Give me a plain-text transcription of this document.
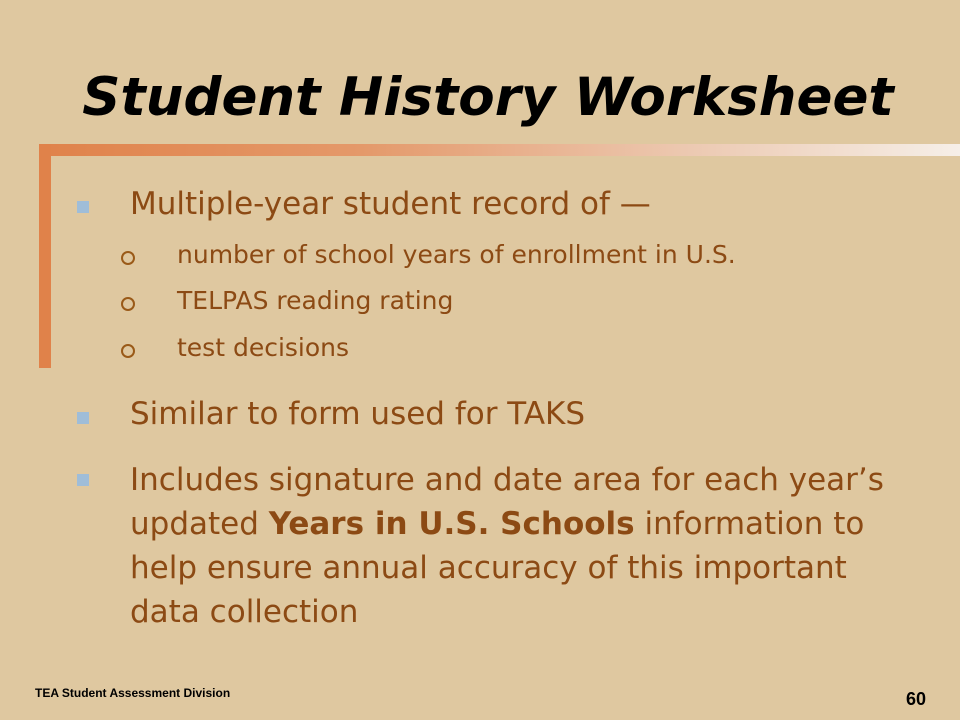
Student History Worksheet
Multiple-year student record of —
number of school years of enrollment in U.S.
TELPAS reading rating
test decisions
Similar to form used for TAKS
Includes signature and date area for each year’s updated Years in U.S. Schools information to help ensure annual accuracy of this important data collection
TEA Student Assessment Division	60
